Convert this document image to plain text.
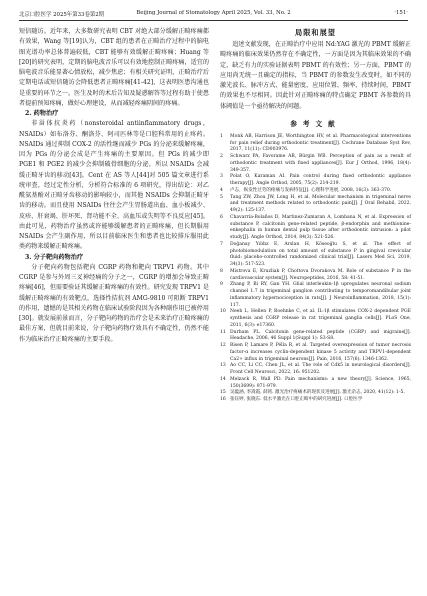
北京口腔医学 2025年第33卷第2期	Beijing Journal of Stomatology April 2025, Vol. 33, No. 2	·151·

短信随访。近年来，大多数研究表明 CBT 对绝大部分缓解正畸疼痛都有效果，Wang 等[19]认为，CBT 组的患者在正畸治疗过程中的脑电图光谱功率总体普遍较低，CBT 能够有效缓解正畸疼痛；Huang 等[20]的研究表明，定期的脑电波音乐可以有效地控制正畸疼痛，适宜的脑电波音乐能显著心情放松，减少焦虑；有相关研究证明，正畸治疗后定期电话或短信随访会降低患者正畸疼痛[41-42]，这表明医患沟通也是重要的环节之一。医生及时的术后告知及疑惑解答等过程有助于使患者提前预知疼痛，做好心理建设，从而减轻疼痛阴间的疼痛。

2. 药物治疗

非甾体抗炎药（nonsteroidal antiinflammatory drugs，NSAIDs）如布洛芬、酮洛芬、阿司匹林等是口腔科常用的止疼药。NSAIDs 通过抑制 COX-2 的活性继而减少 PGs 的分泌来缓解疼痛，因为 PGs 的分泌会成是产生疼痛的主要原因。但 PGs 的减少即 PGE1 和 PGE2 的减少会抑制破骨细胞的分泌，所以 NSAIDs 会减缓正畸牙齿的移动[43]。Cent 在 AS 等人[44]对 505 篇文章进行系统审查，经过定性分析，分析符合标准的 6 项研究，得出结论：对乙酰氨基酚对正畸牙齿移动的影响较小，而其他 NSAIDs 会抑制正畸牙齿的移动。而且使用 NSAIDs 往往会产生胃肠道出血、血小板减少、皮疹、肝衰竭、肝坏死、肾功能不全、高血压或失明等不良反应[45]。由此可见，药物治疗虽然或许能够缓解患者的正畸疼痛，但长期服用 NSAIDs 会产生副作用，所以目前临床医生和患者也比较排斥服用此类药物来缓解正畸疼痛。

3. 分子靶向药物治疗

分子靶向药物包括靶向 CGRP 药物和靶向 TRPV1 药物。其中 CGRP 是参与外周三叉神经痛的分子之一，CGRP 的增加会导致正畸疼痛[46]，但需要验证其缓解正畸疼痛的有效性。研究发现 TRPV1 是缓解正畸疼痛的有效靶点，选择性拮抗剂 AMG-9810 可阻断 TRPV1 的作用，遗憾的是其相关药物在临床试验阶段因为各种副作用已被停用[30]。就发展前景而言，分子靶向药物的治疗会是未来治疗正畸疼痛的最佳方案，但就目前来说，分子靶向药物疗效具有不确定性，仍然不能作为临床治疗正畸疼痛的主要手段。

局限和展望

追述文献发现，在正畸治疗中应用 Nd:YAG 激光的 PBMT 缓解正畸疼痛的临床效果仍然存在不确定性，一方面是因为其临床效果的不确定，缺乏有力的实验证据表明 PBMT 的有效性；另一方面，PBMT 的应用尚无统一且确定的指标，当 PBMT 的参数发生改变时，如不同的激光波长、脉冲方式、能量密度、应用位置、频率、持续时间，PBMT 的效果也不尽相同。因此针对正畸疼痛的特点确定 PBMT 各参数的具体阈值是一个亟待解决的问题。

参考文献
1	Monk AB, Harrison JE, Worthington HV, et al. Pharmacological interventions for pain relief during orthodontic treatment[J]. Cochrane Database Syst Rev, 2017, 11(11): CD003976.
2	Schwarz PA, Favorame AB, Bürgin WB. Perception of pain as a result of orthodontic treatment with fixed appliances[J]. Eur J Orthod, 1996, 18(4): 349-357.
3	Polat O, Karaman AI. Pain control during fixed orthodontic appliance therapy[J]. Angle Orthod, 2005, 75(2): 214-219.
4	卢志，纵发性过劳的疼痛与发病特征[J]. 心理科学进展, 2008, 16(3): 363-370.
5	Tang ZW, Zhou JW, Long H, et al. Molecular mechanism in trigeminal nerve and treatment methods related to orthodontic pain[J]. J Oral Rehabil, 2022, 49(2): 125-137.
6	Chavarría-Bolaños D, Martinez-Zumaran A, Lombana N, et al. Expression of substance P, calcitonin gene-related peptide, β-endorphin and methionine-enkephalin in human dental pulp tissue after orthodontic intrusion: a pilot study[J]. Angle Orthod, 2014, 84(3): 521-526.
7	Doğanay Yıldız E, Arslan H, Köseoğlu S, et al. The effect of photobiomodulation on total amount of substance P in gingival crevicular fluid: placebo-controlled randomized clinical trial[J]. Lasers Med Sci, 2019, 34(3): 517-523.
8	Mistrova E, Kruzliak P, Chottova Dvorakova M. Role of substance P in the cardiovascular system[J]. Neuropeptides, 2016, 58: 41-51.
9	Zhang P, Bi RY, Gan YH. Glial interleukin-1β upregulates neuronal sodium channel 1.7 in trigeminal ganglion contributing to temporomandibular joint inflammatory hypernociception in rats[J]. J Neuroinflammation, 2018, 15(1): 117.
10 Neeb L, Hellen P, Boehnke C, et al. IL-1β stimulates COX-2 dependent PGE synthesis and CGRP release in rat trigeminal ganglia cells[J]. PLoS One, 2011, 6(3): e17360.
11 Durham PL. Calcitonin gene-related peptide (CGRP) and migraine[J]. Headache, 2006, 46 Suppl 1(Suppl 1): S3-S8.
12 Risen P, Lamare P, Pélla R, et al. Targeted overexpression of tumor necrosis factor-α increases cyclin-dependent kinase 5 activity and TRPV1-dependent Ca2+ influx in trigeminal neurons[J]. Pain, 2016, 157(6): 1346-1362.
13 Ao CC, Li CC, Chen JL, et al. The role of Cdk5 in neurological disorders[J]. Front Cell Neurosci, 2022, 16: 951202.
14 Melzack R, Wall PD. Pain mechanisms: a new theory[J]. Science, 1965, 150(3699): 971-979.
15 吴蕴涵, 李嵩霞, 薛铭. 激光治疗疼痛术的现状及进展[J]. 激光杂志, 2020, 41(12): 1-5.
16 张钰婷, 张晓东. 低水平激光在口腔正畸中的研究进展[J]. 口腔医学
